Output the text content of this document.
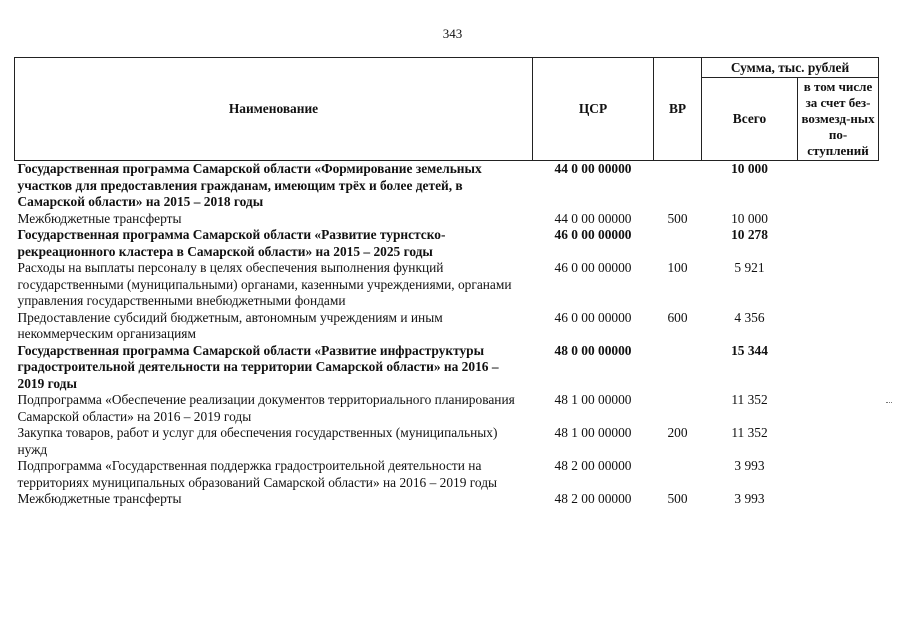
343
Наименование	ЦСР	ВР	Сумма, тыс. рублей	
			Всего	в том числе за счет без-возмезд-ных по-ступлений
Государственная программа Самарской области «Формирование земельных участков для предоставления гражданам, имеющим трёх и более детей, в Самарской области» на 2015 – 2018 годы	44 0 00 00000		10 000	
Межбюджетные трансферты	44 0 00 00000	500	10 000	
Государственная программа Самарской области «Развитие турнстско-рекреационного кластера в Самарской области» на 2015 – 2025 годы	46 0 00 00000		10 278	
Расходы на выплаты персоналу в целях обеспечения выполнения функций государственными (муниципальными) органами, казенными учреждениями, органами управления государственными внебюджетными фондами	46 0 00 00000	100	5 921	
Предоставление субсидий бюджетным, автономным учреждениям и иным некоммерческим организациям	46 0 00 00000	600	4 356	
Государственная программа Самарской области «Развитие инфраструктуры градостроительной деятельности на территории Самарской области» на 2016 – 2019 годы	48 0 00 00000		15 344	
Подпрограмма «Обеспечение реализации документов территориального планирования Самарской области» на 2016 – 2019 годы	48 1 00 00000		11 352	
Закупка товаров, работ и услуг для обеспечения государственных (муниципальных) нужд	48 1 00 00000	200	11 352	
Подпрограмма «Государственная поддержка градостроительной деятельности на территориях муниципальных образований Самарской области» на 2016 – 2019 годы	48 2 00 00000		3 993	
Межбюджетные трансферты	48 2 00 00000	500	3 993	
